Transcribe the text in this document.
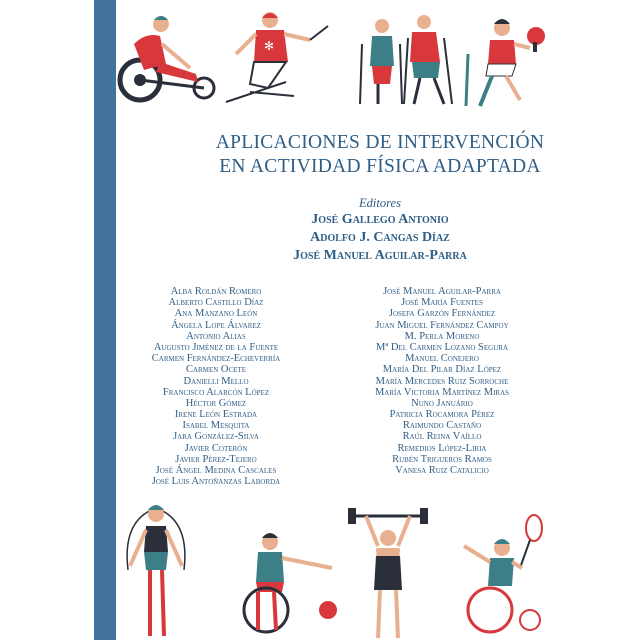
✻
APLICACIONES DE INTERVENCIÓN
EN ACTIVIDAD FÍSICA ADAPTADA
Editores
José Gallego Antonio
Adolfo J. Cangas Díaz
José Manuel Aguilar-Parra
Alba Roldán Romero
Alberto Castillo Díaz
Ana Manzano León
Ángela Lope Álvarez
Antonio Alias
Augusto Jiménez de la Fuente
Carmen Fernández-Echeverría
Carmen Ocete
Danielli Mello
Francisco Alarcón López
Héctor Gómez
Irene León Estrada
Isabel Mesquita
Jara González-Silva
Javier Coterón
Javier Pérez-Tejero
José Ángel Medina Cascales
José Luis Antoñanzas Laborda
José Manuel Aguilar-Parra
José María Fuentes
Josefa Garzón Fernández
Juan Miguel Fernández Campoy
M. Perla Moreno
Mª Del Carmen Lozano Segura
Manuel Conejero
María Del Pilar Díaz López
María Mercedes Ruiz Sorroche
María Victoria Martínez Miras
Nuno Januário
Patricia Rocamora Pérez
Raimundo Castaño
Raúl Reina Vaíllo
Remedios López-Liria
Rubén Trigueros Ramos
Vanesa Ruiz Catalicio
